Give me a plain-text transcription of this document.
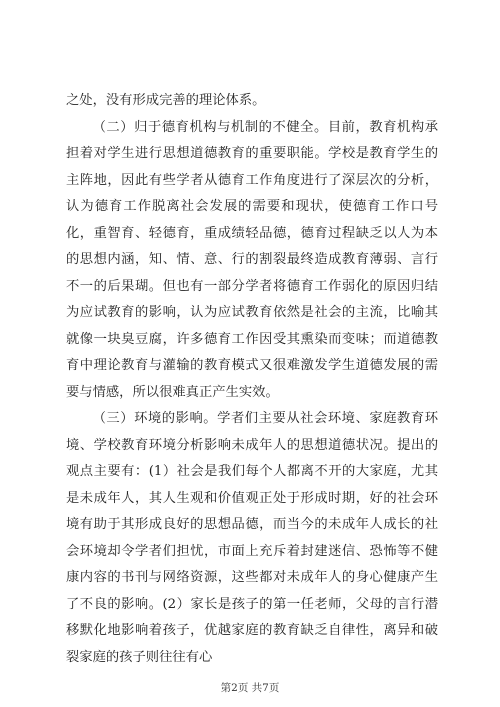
之处，没有形成完善的理论体系。

（二）归于德育机构与机制的不健全。目前，教育机构承担着对学生进行思想道德教育的重要职能。学校是教育学生的主阵地，因此有些学者从德育工作角度进行了深层次的分析，认为德育工作脱离社会发展的需要和现状，使德育工作口号化，重智育、轻德育，重成绩轻品德，德育过程缺乏以人为本的思想内涵，知、情、意、行的割裂最终造成教育薄弱、言行不一的后果瑚。但也有一部分学者将德育工作弱化的原因归结为应试教育的影响，认为应试教育依然是社会的主流，比喻其就像一块臭豆腐，许多德育工作因受其熏染而变味；而道德教育中理论教育与灌输的教育模式又很难激发学生道德发展的需要与情感，所以很难真正产生实效。

（三）环境的影响。学者们主要从社会环境、家庭教育环境、学校教育环境分析影响未成年人的思想道德状况。提出的观点主要有：(1）社会是我们每个人都离不开的大家庭，尤其是未成年人，其人生观和价值观正处于形成时期，好的社会环境有助于其形成良好的思想品德，而当今的未成年人成长的社会环境却令学者们担忧，市面上充斥着封建迷信、恐怖等不健康内容的书刊与网络资源，这些都对未成年人的身心健康产生了不良的影响。(2）家长是孩子的第一任老师，父母的言行潜移默化地影响着孩子，优越家庭的教育缺乏自律性，离异和破裂家庭的孩子则往往有心

第2页 共7页
